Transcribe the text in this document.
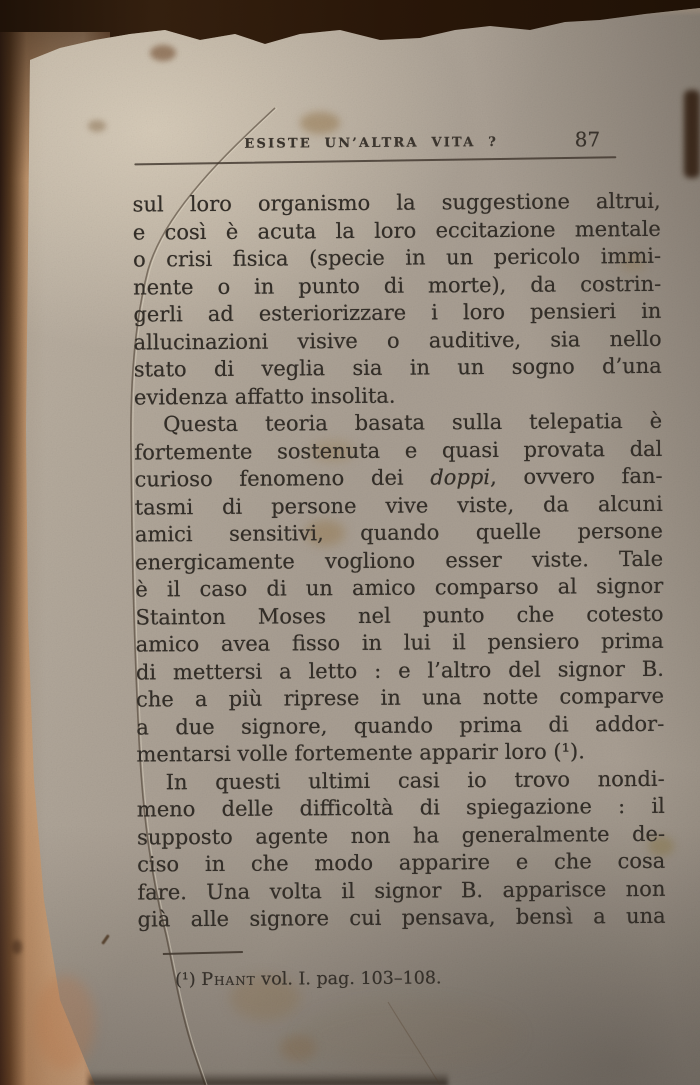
ESISTE UN’ALTRA VITA ?	87
sul loro organismo la suggestione altrui,
e così è acuta la loro eccitazione mentale
o crisi fisica (specie in un pericolo immi-
nente o in punto di morte), da costrin-
gerli ad esteriorizzare i loro pensieri in
allucinazioni visive o auditive, sia nello
stato di veglia sia in un sogno d’una
evidenza affatto insolita.
Questa teoria basata sulla telepatia è
fortemente sostenuta e quasi provata dal
curioso fenomeno dei doppi, ovvero fan-
tasmi di persone vive viste, da alcuni
amici sensitivi, quando quelle persone
energicamente vogliono esser viste. Tale
è il caso di un amico comparso al signor
Stainton Moses nel punto che cotesto
amico avea fisso in lui il pensiero prima
di mettersi a letto : e l’altro del signor B.
che a più riprese in una notte comparve
a due signore, quando prima di addor-
mentarsi volle fortemente apparir loro (¹).
In questi ultimi casi io trovo nondi-
meno delle difficoltà di spiegazione : il
supposto agente non ha generalmente de-
ciso in che modo apparire e che cosa
fare. Una volta il signor B. apparisce non
già alle signore cui pensava, bensì a una
(¹) Phant vol. I. pag. 103–108.
